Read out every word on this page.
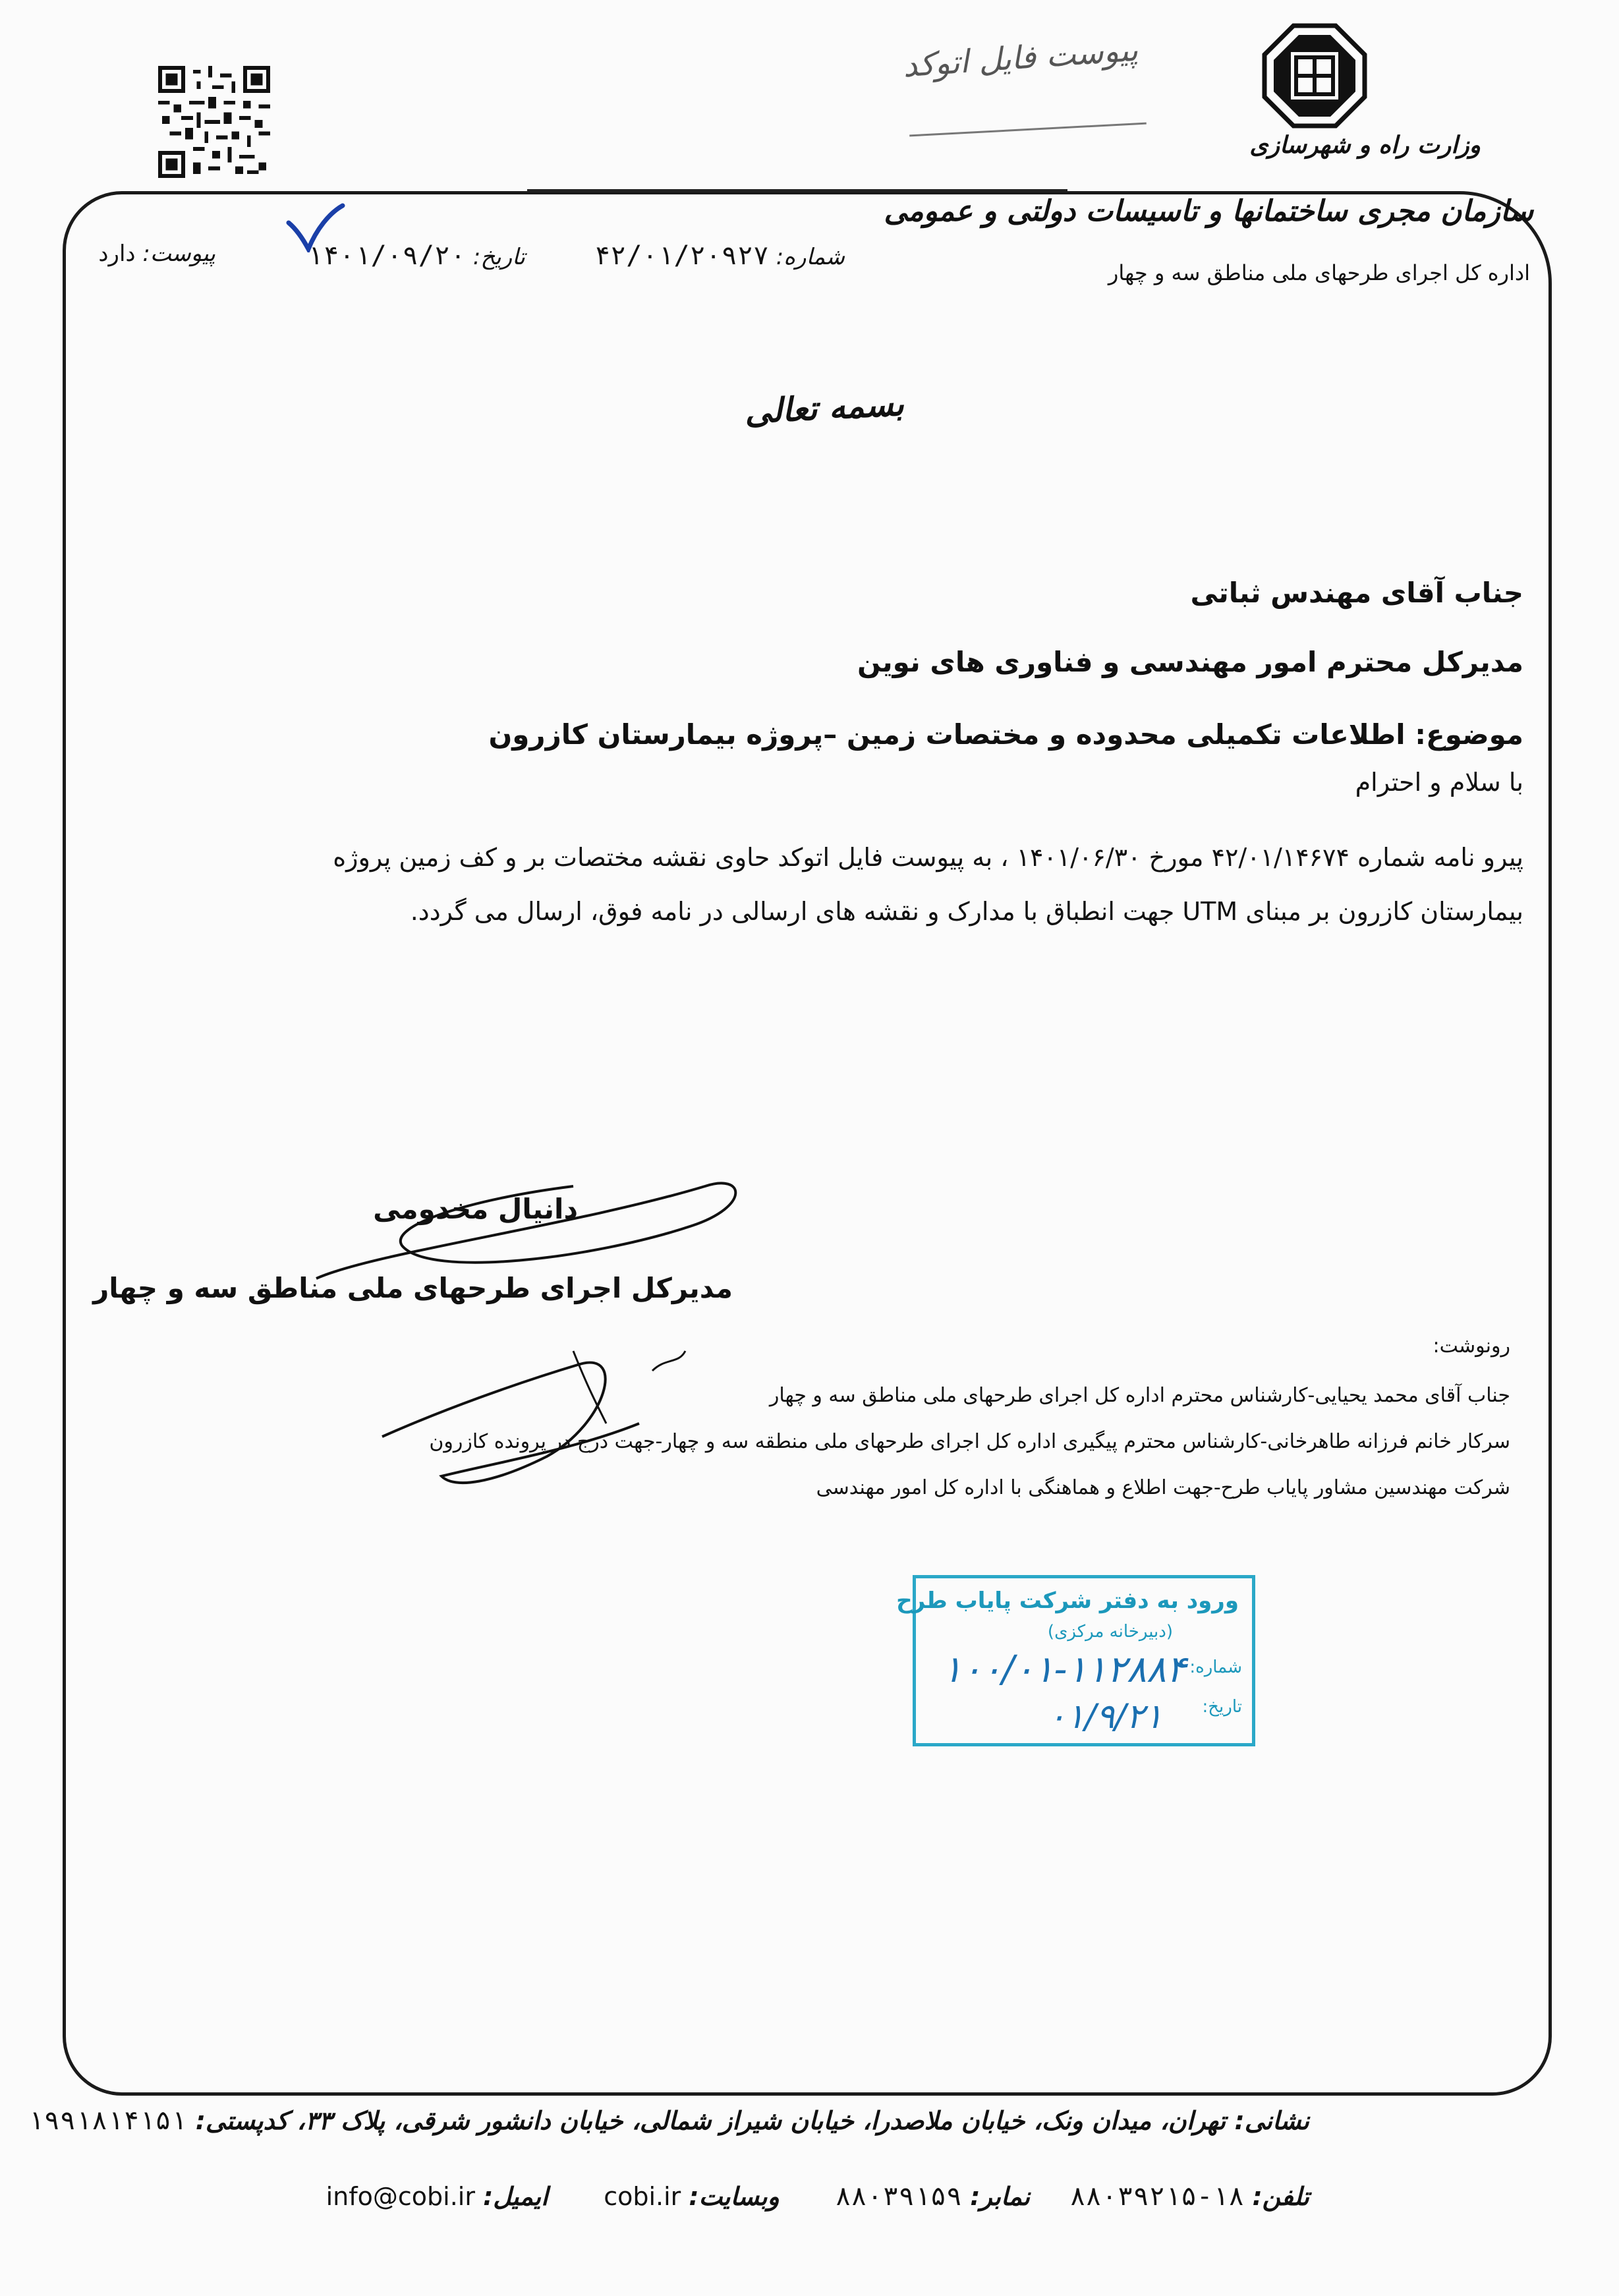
وزارت راه و شهرسازی
سازمان مجری ساختمانها و تاسیسات دولتی و عمومی
اداره کل اجرای طرحهای ملی مناطق سه و چهار
پیوست فایل اتوکد
شماره: ۴۲/۰۱/۲۰۹۲۷
تاریخ: ۱۴۰۱/۰۹/۲۰
پیوست: دارد
بسمه تعالی
جناب آقای مهندس ثباتی
مدیرکل محترم امور مهندسی و فناوری های نوین
موضوع: اطلاعات تکمیلی محدوده و مختصات زمین –پروژه بیمارستان کازرون
با سلام و احترام
پیرو نامه شماره ۴۲/۰۱/۱۴۶۷۴ مورخ ۱۴۰۱/۰۶/۳۰ ، به پیوست فایل اتوکد حاوی نقشه مختصات بر و کف زمین پروژه
بیمارستان کازرون بر مبنای UTM جهت انطباق با مدارک و نقشه های ارسالی در نامه فوق، ارسال می گردد.
دانیال مخدومی
مدیرکل اجرای طرحهای ملی مناطق سه و چهار
رونوشت:
جناب آقای محمد یحیایی-کارشناس محترم اداره کل اجرای طرحهای ملی مناطق سه و چهار
سرکار خانم فرزانه طاهرخانی-کارشناس محترم پیگیری اداره کل اجرای طرحهای ملی منطقه سه و چهار-جهت درج در پرونده کازرون
شرکت مهندسین مشاور پایاب طرح-جهت اطلاع و هماهنگی با اداره کل امور مهندسی
ورود به دفتر شرکت پایاب طرح
(دبیرخانه مرکزی)
شماره:
تاریخ:
۱۰۰/۰۱-۱۱۲۸۸۴
۰۱/۹/۲۱
نشانی: تهران، میدان ونک، خیابان ملاصدرا، خیابان شیراز شمالی، خیابان دانشور شرقی، پلاک ۳۳، کدپستی: ۱۹۹۱۸۱۴۱۵۱
تلفن: ۱۸-۸۸۰۳۹۲۱۵     نمابر: ۸۸۰۳۹۱۵۹       وبسایت: cobi.ir       ایمیل: info@cobi.ir
